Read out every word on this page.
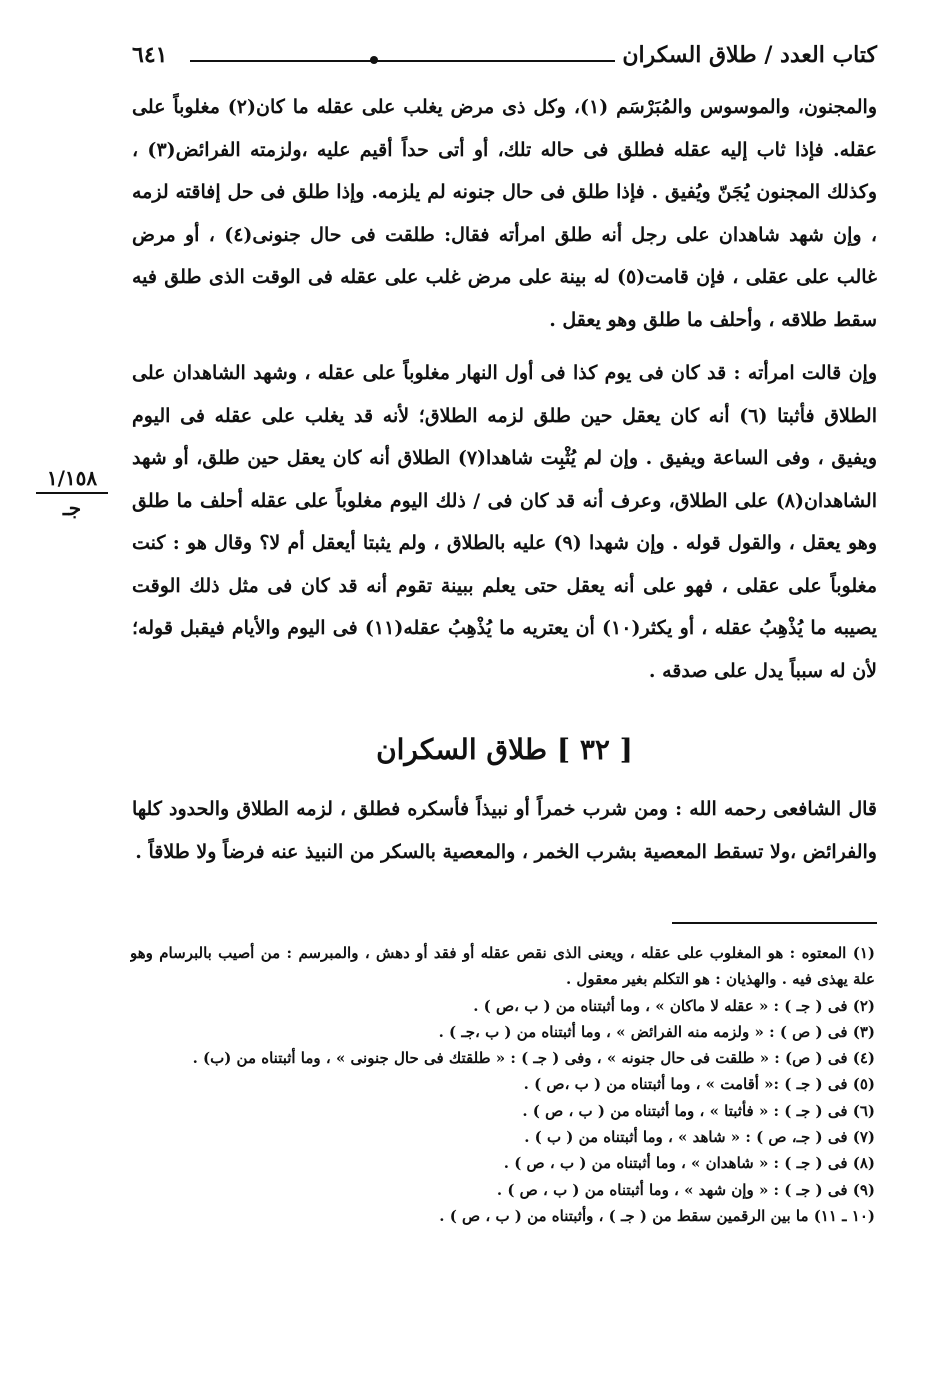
كتاب العدد / طلاق السكران
٦٤١

والمجنون، والموسوس والمُبَرْسَم (١)، وكل ذى مرض يغلب على عقله ما كان(٢) مغلوباً على عقله. فإذا ثاب إليه عقله فطلق فى حاله تلك، أو أتى حداً أقيم عليه ،ولزمته الفرائض(٣) ، وكذلك المجنون يُجَنّ ويُفيق . فإذا طلق فى حال جنونه لم يلزمه. وإذا طلق فى حل إفاقته لزمه ، وإن شهد شاهدان على رجل أنه طلق امرأته فقال: طلقت فى حال جنونى(٤) ، أو مرض غالب على عقلى ، فإن قامت(٥) له بينة على مرض غلب على عقله فى الوقت الذى طلق فيه سقط طلاقه ، وأحلف ما طلق وهو يعقل .

وإن قالت امرأته : قد كان فى يوم كذا فى أول النهار مغلوباً على عقله ، وشهد الشاهدان على الطلاق فأثبتا (٦) أنه كان يعقل حين طلق لزمه الطلاق؛ لأنه قد يغلب على عقله فى اليوم ويفيق ، وفى الساعة ويفيق . وإن لم يُثْبِت شاهدا(٧) الطلاق أنه كان يعقل حين طلق، أو شهد الشاهدان(٨) على الطلاق، وعرف أنه قد كان فى / ذلك اليوم مغلوباً على عقله أحلف ما طلق وهو يعقل ، والقول قوله . وإن شهدا (٩) عليه بالطلاق ، ولم يثبتا أيعقل أم لا؟ وقال هو : كنت مغلوباً على عقلى ، فهو على أنه يعقل حتى يعلم ببينة تقوم أنه قد كان فى مثل ذلك الوقت يصيبه ما يُذْهِبُ عقله ، أو يكثر(١٠) أن يعتريه ما يُذْهِبُ عقله(١١) فى اليوم والأيام فيقبل قوله؛ لأن له سبباً يدل على صدقه .

١/١٥٨
جـ
[ ٣٢ ] طلاق السكران

قال الشافعى رحمه الله : ومن شرب خمراً أو نبيذاً فأسكره فطلق ، لزمه الطلاق والحدود كلها والفرائض ،ولا تسقط المعصية بشرب الخمر ، والمعصية بالسكر من النبيذ عنه فرضاً ولا طلاقاً .

(١) المعتوه : هو المغلوب على عقله ، ويعنى الذى نقص عقله أو فقد أو دهش ، والمبرسم : من أصيب بالبرسام وهو علة يهذى فيه . والهذيان : هو التكلم بغير معقول .

(٢) فى ( جـ ) : « عقله لا ماكان » ، وما أثبتناه من ( ب ،ص ) .

(٣) فى ( ص ) : « ولزمه منه الفرائض » ، وما أثبتناه من ( ب ،جـ ) .

(٤) فى ( ص) : « طلقت فى حال جنونه » ، وفى ( جـ ) : « طلقتك فى حال جنونى » ، وما أثبتناه من (ب) .

(٥) فى ( جـ ) :« أقامت » ، وما أثبتناه من ( ب ،ص ) .

(٦) فى ( جـ ) : « فأثبتا » ، وما أثبتناه من ( ب ، ص ) .

(٧) فى ( جـ، ص ) : « شاهد » ، وما أثبتناه من ( ب ) .

(٨) فى ( جـ ) : « شاهدان » ، وما أثبتناه من ( ب ، ص ) .

(٩) فى ( جـ ) : « وإن شهد » ، وما أثبتناه من ( ب ، ص ) .

(١٠ ـ ١١) ما بين الرقمين سقط من ( جـ ) ، وأثبتناه من ( ب ، ص ) .
